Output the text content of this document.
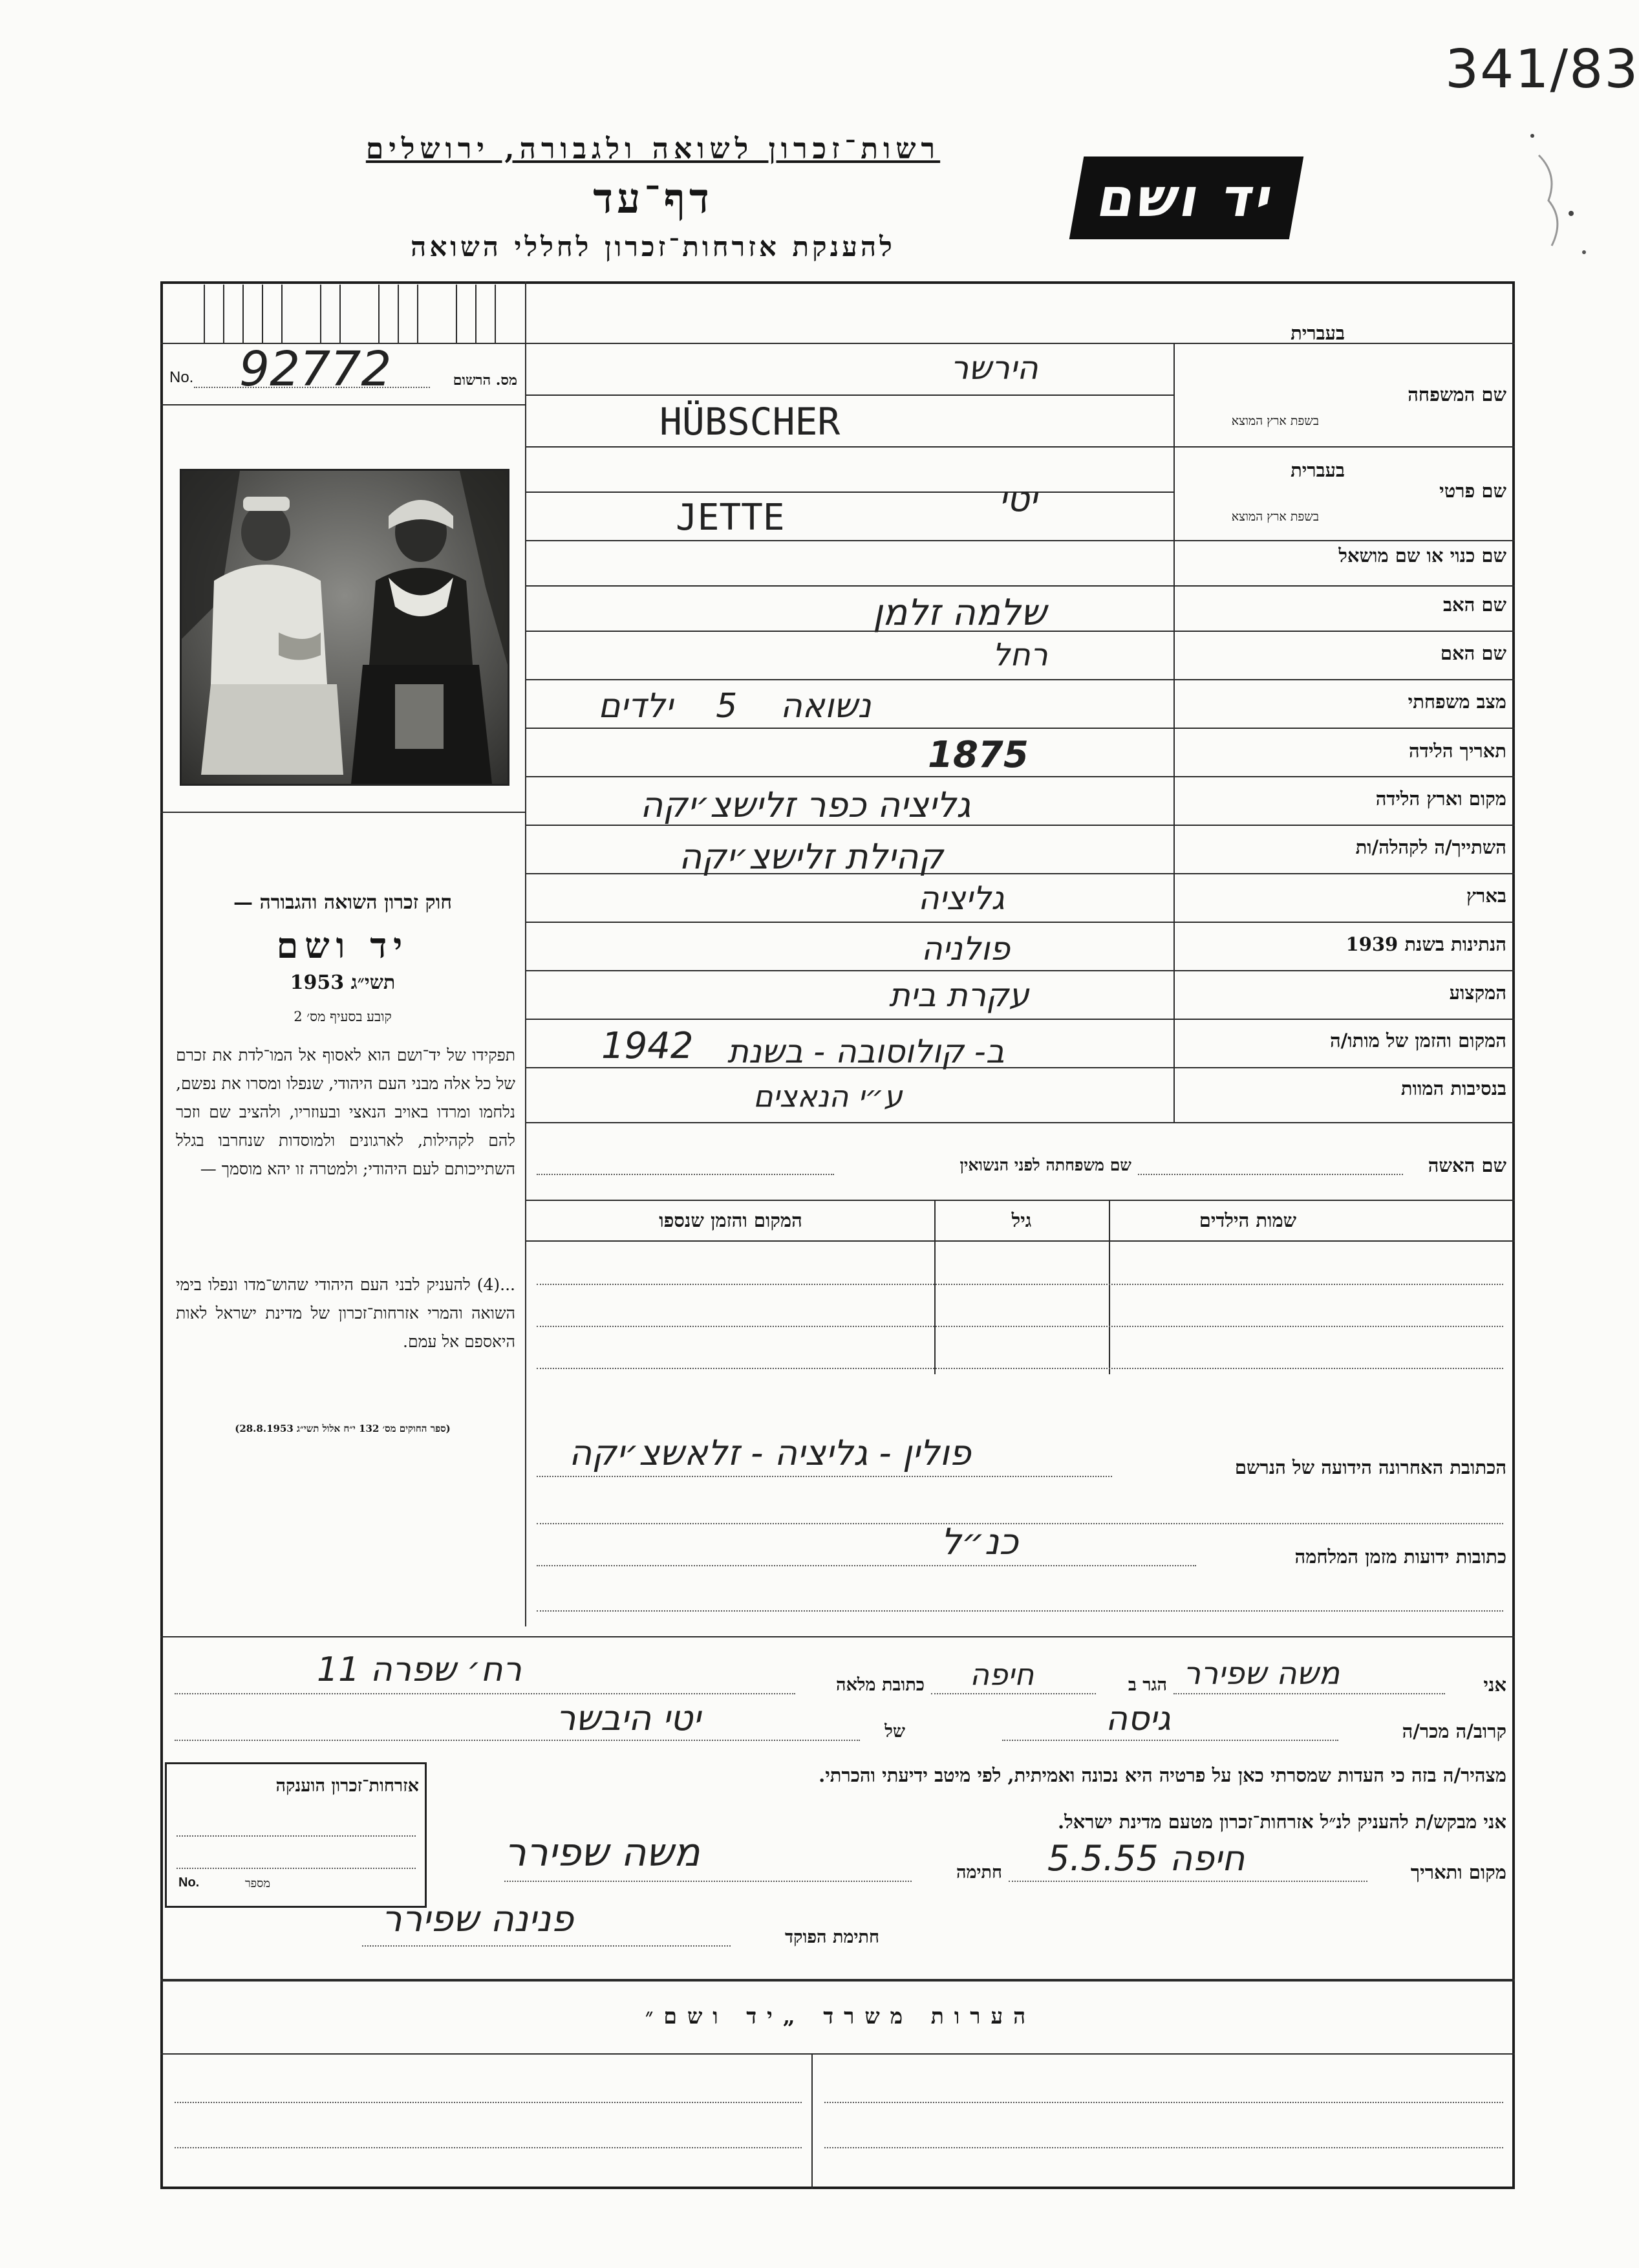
341/83
רשות־זכרון לשואה ולגבורה, ירושלים
דף־עד
להענקת אזרחות־זכרון לחללי השואה
יד ושם
No. 92772	מס. הרשום
חוק זכרון השואה והגבורה —
יד ושם
תשי״ג 1953
קובע בסעיף מס׳ 2
תפקידו של יד־ושם הוא לאסוף אל המו־לדת את זכרם של כל אלה מבני העם היהודי, שנפלו ומסרו את נפשם, נלחמו ומרדו באויב הנאצי ובעוזריו, ולהציב שם וזכר להם לקהילות, לארגונים ולמוסדות שנחרבו בגלל השתייכותם לעם היהודי; ולמטרה זו יהא מוסמך —
...(4) להעניק לבני העם היהודי שהוש־מדו ונפלו בימי השואה והמרי אזרחות־זכרון של מדינת ישראל לאות היאספם אל עמם.
(ספר החוקים מס׳ 132 י״ח אלול תשי״ג 28.8.1953)
בעברית
שם המשפחה
בשפת ארץ המוצא
בעברית
שם פרטי
בשפת ארץ המוצא
שם כנוי או שם מושאל
שם האב
שם האם
מצב משפחתי
תאריך הלידה
מקום וארץ הלידה
השתייך/ה לקהלה/ות
בארץ
הנתינות בשנת 1939
המקצוע
המקום והזמן של מותו/ה
בנסיבות המוות
הירשר
HÜBSCHER
יטי
JETTE
שלמה זלמן
רחל
נשואה 5 ילדים
1875
גליציה כפר זלישצ׳יקה
קהילת זלישצ׳יקה
גליציה
פולניה
עקרת בית
1942 ב- קולוסובה - בשנת
ע״י הנאצים
שם האשה
שם משפחתה לפני הנשואין
שמות הילדים
גיל
המקום והזמן שנספו
הכתובת האחרונה הידועה של הנרשם
פולין - גליציה - זלאשצ׳יקה
כתובות ידועות מזמן המלחמה
כנ״ל
אני
משה שפירר
הגר ב
חיפה
כתובת מלאה
רח׳ שפרה 11
קרוב/ה מכר/ה
גיסה
של
יטי היבשר
מצהיר/ה בזה כי העדות שמסרתי כאן על פרטיה היא נכונה ואמיתית, לפי מיטב ידיעתי והכרתי.
אני מבקש/ת להעניק לנ״ל אזרחות־זכרון מטעם מדינת ישראל.
מקום ותאריך
חיפה 5.5.55
חתימה
משה שפירר
חתימת הפוקד
פנינה שפירר
אזרחות־זכרון הוענקה
No.	מספר
הערות משרד „יד ושם״
